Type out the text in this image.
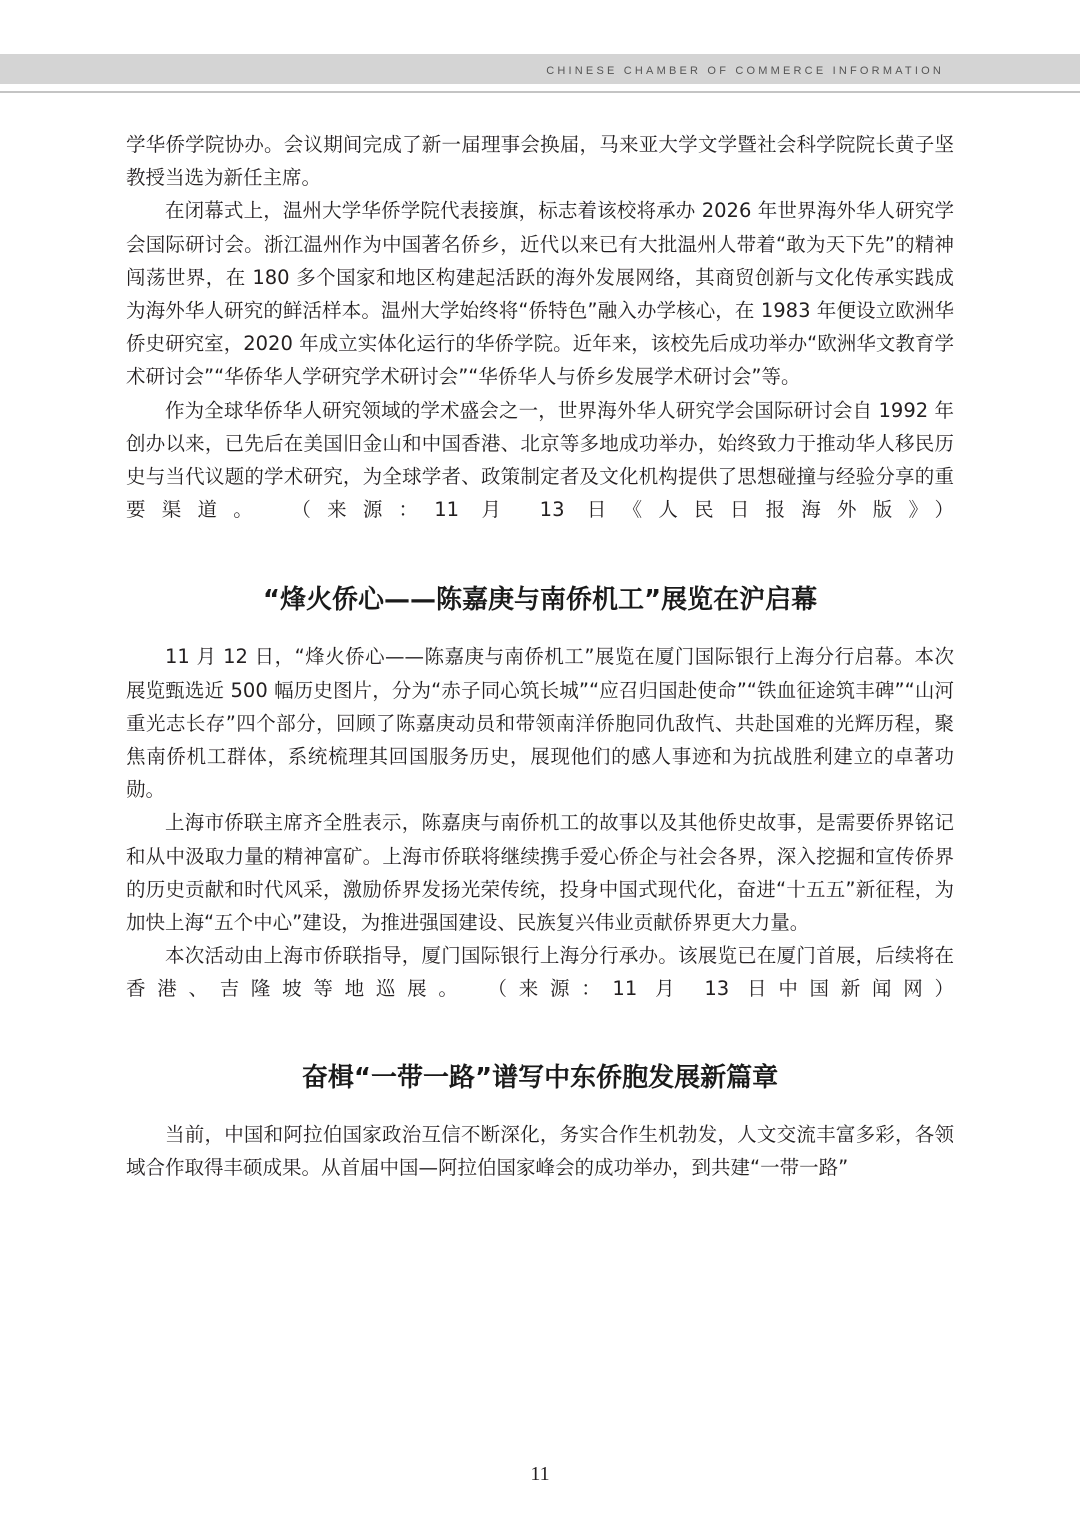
CHINESE CHAMBER OF COMMERCE INFORMATION

学华侨学院协办。会议期间完成了新一届理事会换届，马来亚大学文学暨社会科学院院长黄子坚教授当选为新任主席。

在闭幕式上，温州大学华侨学院代表接旗，标志着该校将承办 2026 年世界海外华人研究学会国际研讨会。浙江温州作为中国著名侨乡，近代以来已有大批温州人带着“敢为天下先”的精神闯荡世界，在 180 多个国家和地区构建起活跃的海外发展网络，其商贸创新与文化传承实践成为海外华人研究的鲜活样本。温州大学始终将“侨特色”融入办学核心，在 1983 年便设立欧洲华侨史研究室，2020 年成立实体化运行的华侨学院。近年来，该校先后成功举办“欧洲华文教育学术研讨会”“华侨华人学研究学术研讨会”“华侨华人与侨乡发展学术研讨会”等。

作为全球华侨华人研究领域的学术盛会之一，世界海外华人研究学会国际研讨会自 1992 年创办以来，已先后在美国旧金山和中国香港、北京等多地成功举办，始终致力于推动华人移民历史与当代议题的学术研究，为全球学者、政策制定者及文化机构提供了思想碰撞与经验分享的重要渠道。 （来源：11 月 13 日《人民日报海外版》）

“烽火侨心——陈嘉庚与南侨机工”展览在沪启幕

11 月 12 日，“烽火侨心——陈嘉庚与南侨机工”展览在厦门国际银行上海分行启幕。本次展览甄选近 500 幅历史图片，分为“赤子同心筑长城”“应召归国赴使命”“铁血征途筑丰碑”“山河重光志长存”四个部分，回顾了陈嘉庚动员和带领南洋侨胞同仇敌忾、共赴国难的光辉历程，聚焦南侨机工群体，系统梳理其回国服务历史，展现他们的感人事迹和为抗战胜利建立的卓著功勋。

上海市侨联主席齐全胜表示，陈嘉庚与南侨机工的故事以及其他侨史故事，是需要侨界铭记和从中汲取力量的精神富矿。上海市侨联将继续携手爱心侨企与社会各界，深入挖掘和宣传侨界的历史贡献和时代风采，激励侨界发扬光荣传统，投身中国式现代化，奋进“十五五”新征程，为加快上海“五个中心”建设，为推进强国建设、民族复兴伟业贡献侨界更大力量。

本次活动由上海市侨联指导，厦门国际银行上海分行承办。该展览已在厦门首展，后续将在香港、吉隆坡等地巡展。 （来源：11 月 13 日中国新闻网）

奋楫“一带一路”谱写中东侨胞发展新篇章

当前，中国和阿拉伯国家政治互信不断深化，务实合作生机勃发，人文交流丰富多彩，各领域合作取得丰硕成果。从首届中国—阿拉伯国家峰会的成功举办，到共建“一带一路”

11
